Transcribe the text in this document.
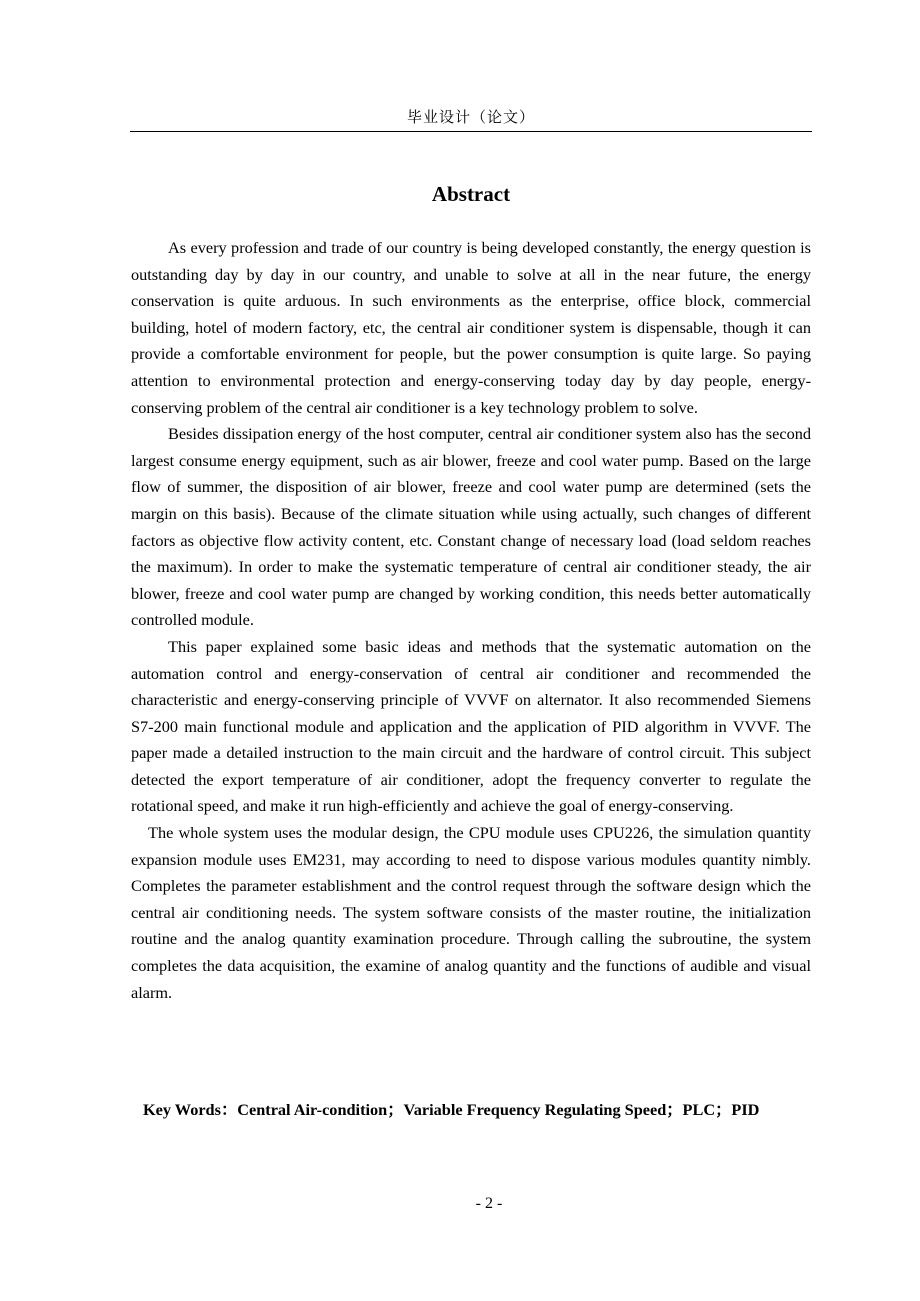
毕业设计（论文）
Abstract

As every profession and trade of our country is being developed constantly, the energy question is outstanding day by day in our country, and unable to solve at all in the near future, the energy conservation is quite arduous. In such environments as the enterprise, office block, commercial building, hotel of modern factory, etc, the central air conditioner system is dispensable, though it can provide a comfortable environment for people, but the power consumption is quite large. So paying attention to environmental protection and energy-conserving today day by day people, energy-conserving problem of the central air conditioner is a key technology problem to solve.

Besides dissipation energy of the host computer, central air conditioner system also has the second largest consume energy equipment, such as air blower, freeze and cool water pump. Based on the large flow of summer, the disposition of air blower, freeze and cool water pump are determined (sets the margin on this basis). Because of the climate situation while using actually, such changes of different factors as objective flow activity content, etc. Constant change of necessary load (load seldom reaches the maximum). In order to make the systematic temperature of central air conditioner steady, the air blower, freeze and cool water pump are changed by working condition, this needs better automatically controlled module.

This paper explained some basic ideas and methods that the systematic automation on the automation control and energy-conservation of central air conditioner and recommended the characteristic and energy-conserving principle of VVVF on alternator. It also recommended Siemens S7-200 main functional module and application and the application of PID algorithm in VVVF. The paper made a detailed instruction to the main circuit and the hardware of control circuit. This subject detected the export temperature of air conditioner, adopt the frequency converter to regulate the rotational speed, and make it run high-efficiently and achieve the goal of energy-conserving.

The whole system uses the modular design, the CPU module uses CPU226, the simulation quantity expansion module uses EM231, may according to need to dispose various modules quantity nimbly. Completes the parameter establishment and the control request through the software design which the central air conditioning needs. The system software consists of the master routine, the initialization routine and the analog quantity examination procedure. Through calling the subroutine, the system completes the data acquisition, the examine of analog quantity and the functions of audible and visual alarm.

Key Words：Central Air-condition；Variable Frequency Regulating Speed；PLC；PID
- 2 -
